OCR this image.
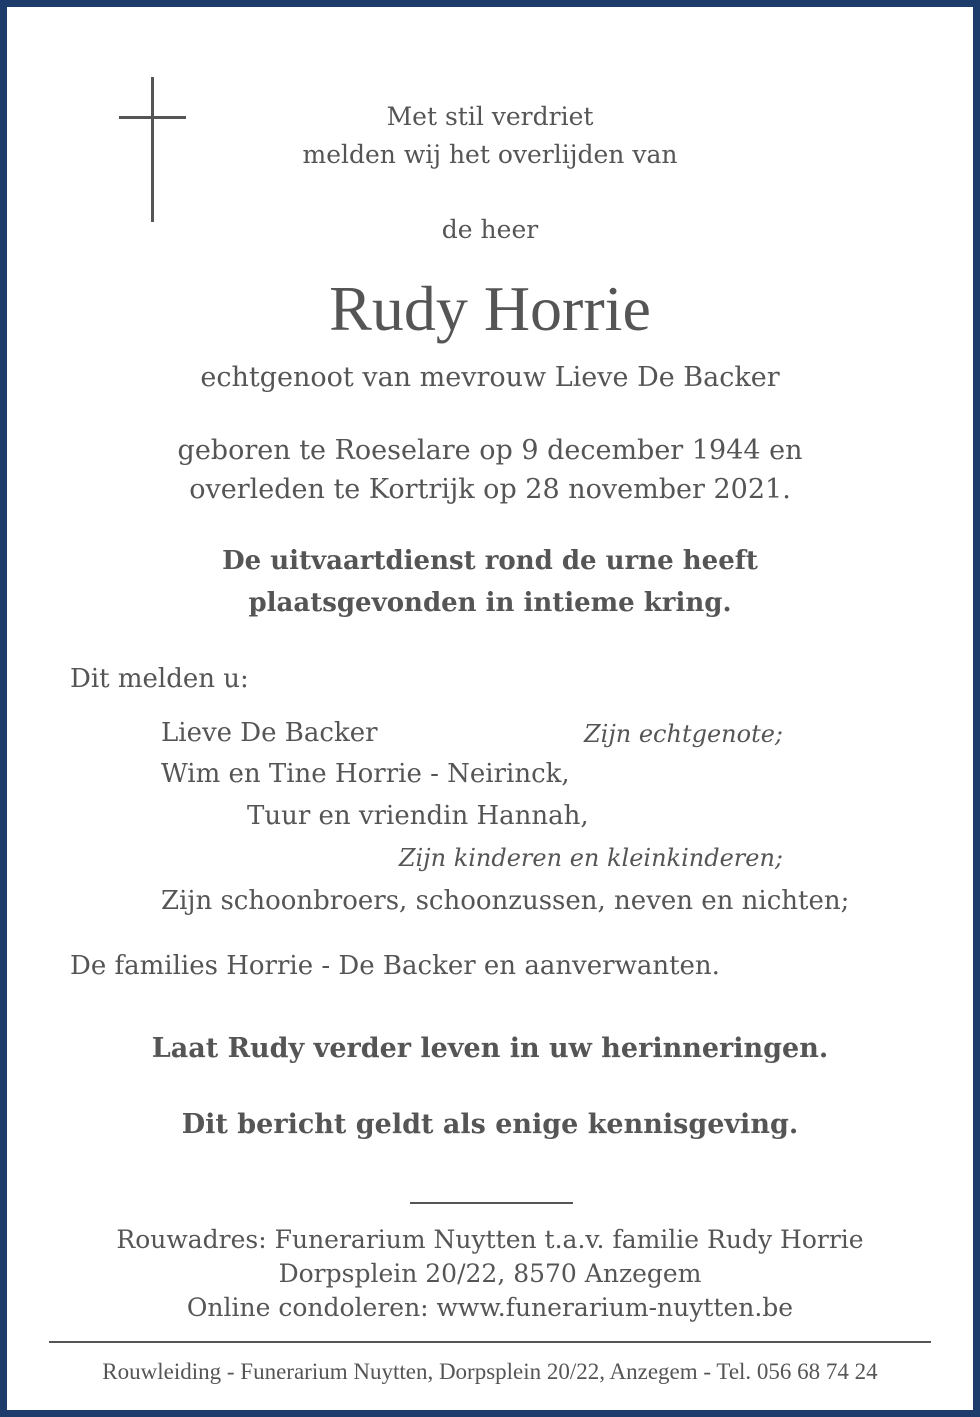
Met stil verdriet
melden wij het overlijden van
de heer
Rudy Horrie
echtgenoot van mevrouw Lieve De Backer
geboren te Roeselare op 9 december 1944 en
overleden te Kortrijk op 28 november 2021.
De uitvaartdienst rond de urne heeft
plaatsgevonden in intieme kring.
Dit melden u:
Lieve De Backer	Zijn echtgenote;
Wim en Tine Horrie - Neirinck,
Tuur en vriendin Hannah,
Zijn kinderen en kleinkinderen;
Zijn schoonbroers, schoonzussen, neven en nichten;
De families Horrie - De Backer en aanverwanten.
Laat Rudy verder leven in uw herinneringen.
Dit bericht geldt als enige kennisgeving.
Rouwadres: Funerarium Nuytten t.a.v. familie Rudy Horrie
Dorpsplein 20/22, 8570 Anzegem
Online condoleren: www.funerarium-nuytten.be
Rouwleiding - Funerarium Nuytten, Dorpsplein 20/22, Anzegem - Tel. 056 68 74 24
